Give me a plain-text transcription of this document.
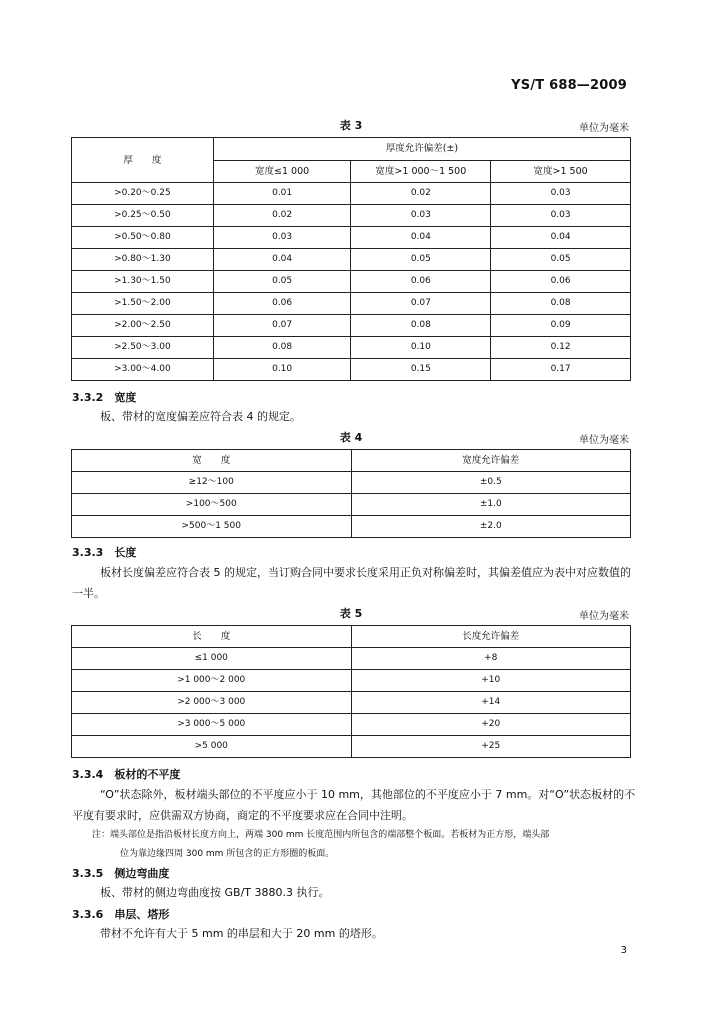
YS/T 688—2009
表 3	单位为毫米
厚　　度	厚度允许偏差(±)		
	宽度≤1 000	宽度>1 000～1 500	宽度>1 500
>0.20～0.25	0.01	0.02	0.03
>0.25～0.50	0.02	0.03	0.03
>0.50～0.80	0.03	0.04	0.04
>0.80～1.30	0.04	0.05	0.05
>1.30～1.50	0.05	0.06	0.06
>1.50～2.00	0.06	0.07	0.08
>2.00～2.50	0.07	0.08	0.09
>2.50～3.00	0.08	0.10	0.12
>3.00～4.00	0.10	0.15	0.17
3.3.2　宽度
板、带材的宽度偏差应符合表 4 的规定。
表 4	单位为毫米
宽　　度	宽度允许偏差
≥12～100	±0.5
>100～500	±1.0
>500～1 500	±2.0
3.3.3　长度
板材长度偏差应符合表 5 的规定，当订购合同中要求长度采用正负对称偏差时，其偏差值应为表中对应数值的一半。
表 5	单位为毫米
长　　度	长度允许偏差
≤1 000	+8
>1 000～2 000	+10
>2 000～3 000	+14
>3 000～5 000	+20
>5 000	+25
3.3.4　板材的不平度
“O”状态除外，板材端头部位的不平度应小于 10 mm，其他部位的不平度应小于 7 mm。对“O”状态板材的不平度有要求时，应供需双方协商，商定的不平度要求应在合同中注明。
注：端头部位是指沿板材长度方向上，两端 300 mm 长度范围内所包含的端部整个板面。若板材为正方形，端头部
位为靠边缘四周 300 mm 所包含的正方形圈的板面。
3.3.5　侧边弯曲度
板、带材的侧边弯曲度按 GB/T 3880.3 执行。
3.3.6　串层、塔形
带材不允许有大于 5 mm 的串层和大于 20 mm 的塔形。
3
